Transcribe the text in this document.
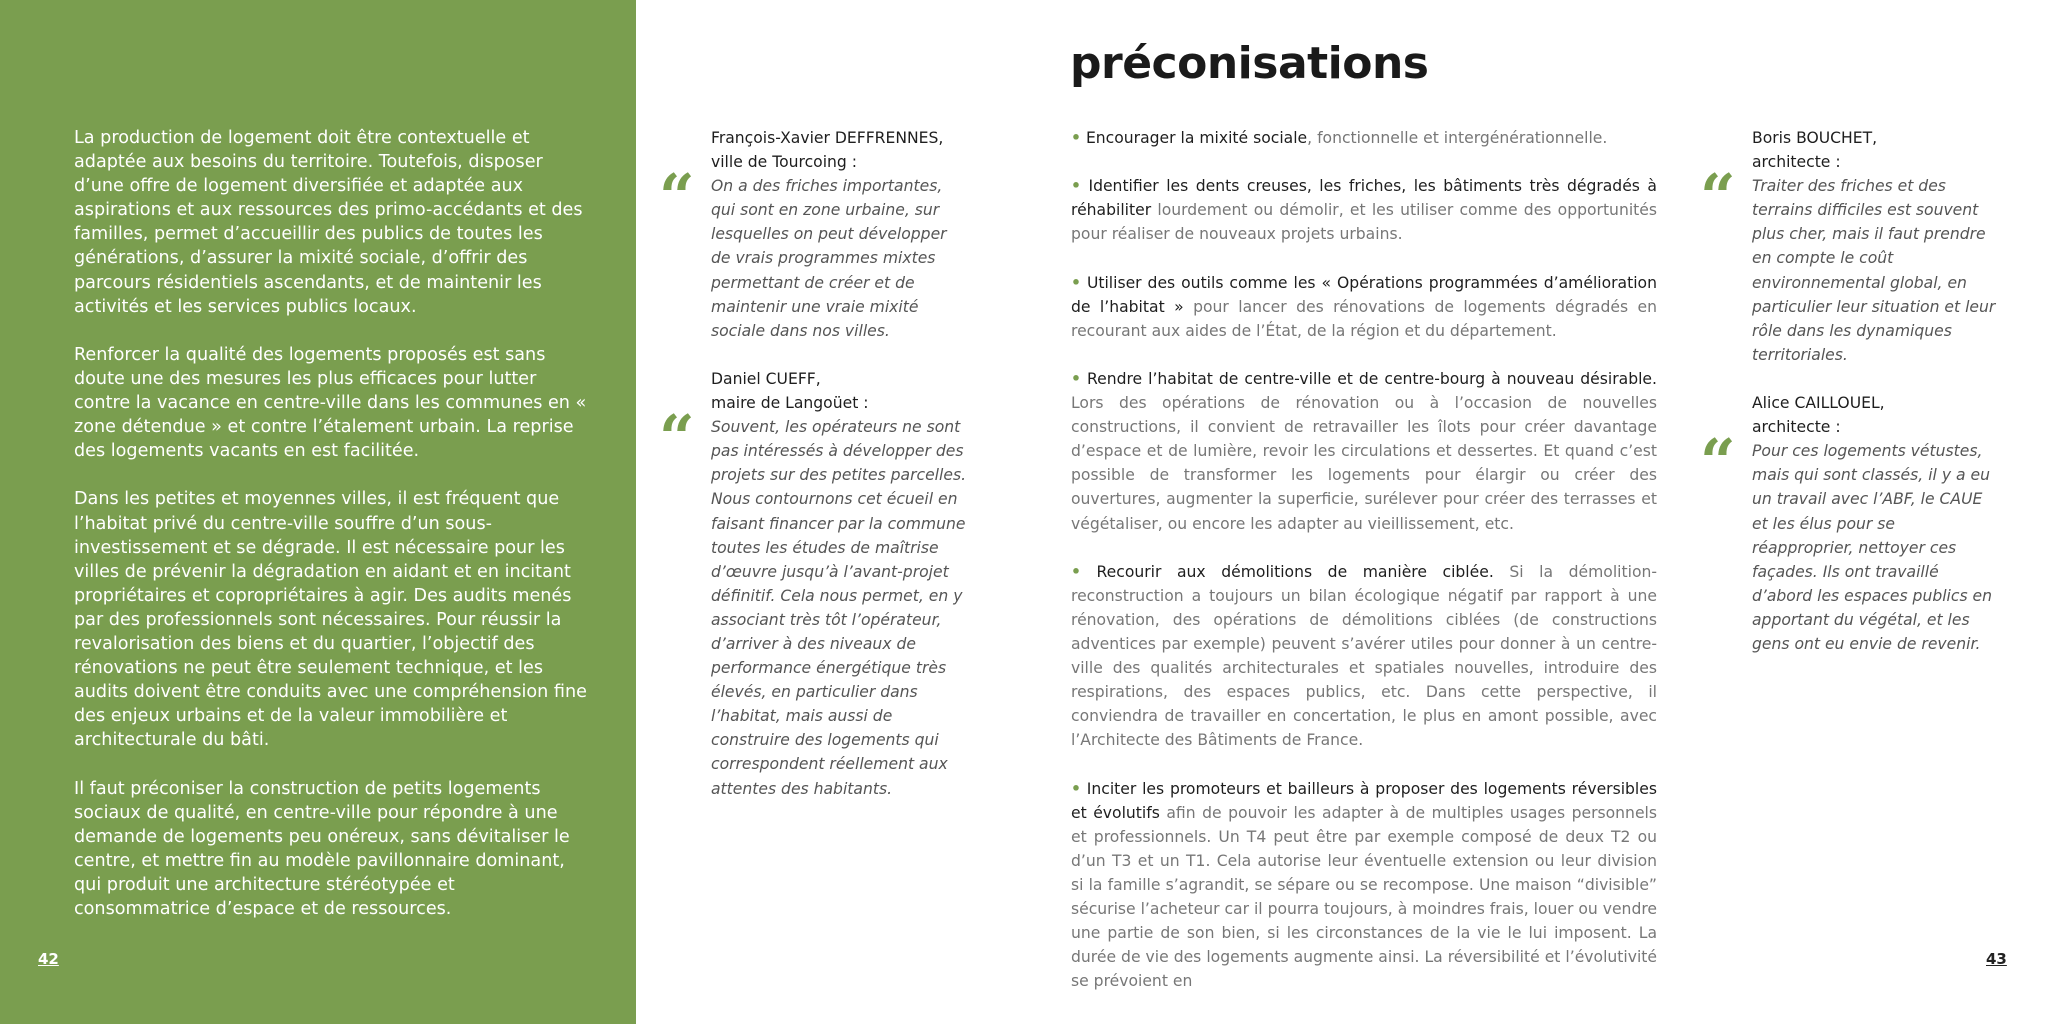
La production de logement doit être contextuelle et adaptée aux besoins du territoire. Toutefois, disposer d’une offre de logement diversifiée et adaptée aux aspirations et aux ressources des primo-accédants et des familles, permet d’accueillir des publics de toutes les générations, d’assurer la mixité sociale, d’offrir des parcours résidentiels ascendants, et de maintenir les activités et les services publics locaux.

Renforcer la qualité des logements proposés est sans doute une des mesures les plus efficaces pour lutter contre la vacance en centre-ville dans les communes en « zone détendue » et contre l’étalement urbain. La reprise des logements vacants en est facilitée.

Dans les petites et moyennes villes, il est fréquent que l’habitat privé du centre-ville souffre d’un sous-investissement et se dégrade. Il est nécessaire pour les villes de prévenir la dégradation en aidant et en incitant propriétaires et copropriétaires à agir. Des audits menés par des professionnels sont nécessaires. Pour réussir la revalorisation des biens et du quartier, l’objectif des rénovations ne peut être seulement technique, et les audits doivent être conduits avec une compréhension fine des enjeux urbains et de la valeur immobilière et architecturale du bâti.

Il faut préconiser la construction de petits logements sociaux de qualité, en centre-ville pour répondre à une demande de logements peu onéreux, sans dévitaliser le centre, et mettre fin au modèle pavillonnaire dominant, qui produit une architecture stéréotypée et consommatrice d’espace et de ressources.

42
préconisations
“
François-Xavier DEFFRENNES,
ville de Tourcoing :
On a des friches importantes, qui sont en zone urbaine, sur lesquelles on peut développer de vrais programmes mixtes permettant de créer et de maintenir une vraie mixité sociale dans nos villes.
“
Daniel CUEFF,
maire de Langoüet :
Souvent, les opérateurs ne sont pas intéressés à développer des projets sur des petites parcelles. Nous contournons cet écueil en faisant financer par la commune toutes les études de maîtrise d’œuvre jusqu’à l’avant-projet définitif. Cela nous permet, en y associant très tôt l’opérateur, d’arriver à des niveaux de performance énergétique très élevés, en particulier dans l’habitat, mais aussi de construire des logements qui correspondent réellement aux attentes des habitants.

• Encourager la mixité sociale, fonctionnelle et intergénérationnelle.

• Identifier les dents creuses, les friches, les bâtiments très dégradés à réhabiliter lourdement ou démolir, et les utiliser comme des opportunités pour réaliser de nouveaux projets urbains.

• Utiliser des outils comme les « Opérations programmées d’amélioration de l’habitat » pour lancer des rénovations de logements dégradés en recourant aux aides de l’État, de la région et du département.

• Rendre l’habitat de centre-ville et de centre-bourg à nouveau désirable. Lors des opérations de rénovation ou à l’occasion de nouvelles constructions, il convient de retravailler les îlots pour créer davantage d’espace et de lumière, revoir les circulations et dessertes. Et quand c’est possible de transformer les logements pour élargir ou créer des ouvertures, augmenter la superficie, surélever pour créer des terrasses et végétaliser, ou encore les adapter au vieillissement, etc.

• Recourir aux démolitions de manière ciblée. Si la démolition-reconstruction a toujours un bilan écologique négatif par rapport à une rénovation, des opérations de démolitions ciblées (de constructions adventices par exemple) peuvent s’avérer utiles pour donner à un centre-ville des qualités architecturales et spatiales nouvelles, introduire des respirations, des espaces publics, etc. Dans cette perspective, il conviendra de travailler en concertation, le plus en amont possible, avec l’Architecte des Bâtiments de France.

• Inciter les promoteurs et bailleurs à proposer des logements réversibles et évolutifs afin de pouvoir les adapter à de multiples usages personnels et professionnels. Un T4 peut être par exemple composé de deux T2 ou d’un T3 et un T1. Cela autorise leur éventuelle extension ou leur division si la famille s’agrandit, se sépare ou se recompose. Une maison “divisible” sécurise l’acheteur car il pourra toujours, à moindres frais, louer ou vendre une partie de son bien, si les circonstances de la vie le lui imposent. La durée de vie des logements augmente ainsi. La réversibilité et l’évolutivité se prévoient en

“
Boris BOUCHET,
architecte :
Traiter des friches et des terrains difficiles est souvent plus cher, mais il faut prendre en compte le coût environnemental global, en particulier leur situation et leur rôle dans les dynamiques territoriales.
“
Alice CAILLOUEL,
architecte :
Pour ces logements vétustes, mais qui sont classés, il y a eu un travail avec l’ABF, le CAUE et les élus pour se réapproprier, nettoyer ces façades. Ils ont travaillé d’abord les espaces publics en apportant du végétal, et les gens ont eu envie de revenir.
43
